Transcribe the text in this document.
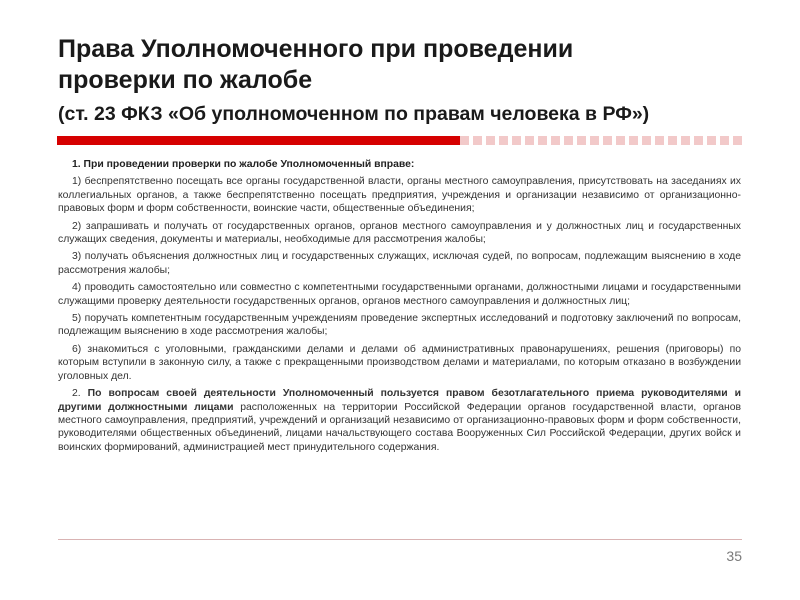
Права Уполномоченного при проведении
проверки по жалобе
(ст. 23 ФКЗ «Об уполномоченном по правам человека в РФ»)

1. При проведении проверки по жалобе Уполномоченный вправе:

1) беспрепятственно посещать все органы государственной власти, органы местного самоуправления, присутствовать на заседаниях их коллегиальных органов, а также беспрепятственно посещать предприятия, учреждения и организации независимо от организационно-правовых форм и форм собственности, воинские части, общественные объединения;

2) запрашивать и получать от государственных органов, органов местного самоуправления и у должностных лиц и государственных служащих сведения, документы и материалы, необходимые для рассмотрения жалобы;

3) получать объяснения должностных лиц и государственных служащих, исключая судей, по вопросам, подлежащим выяснению в ходе рассмотрения жалобы;

4) проводить самостоятельно или совместно с компетентными государственными органами, должностными лицами и государственными служащими проверку деятельности государственных органов, органов местного самоуправления и должностных лиц;

5) поручать компетентным государственным учреждениям проведение экспертных исследований и подготовку заключений по вопросам, подлежащим выяснению в ходе рассмотрения жалобы;

6) знакомиться с уголовными, гражданскими делами и делами об административных правонарушениях, решения (приговоры) по которым вступили в законную силу, а также с прекращенными производством делами и материалами, по которым отказано в возбуждении уголовных дел.

2. По вопросам своей деятельности Уполномоченный пользуется правом безотлагательного приема руководителями и другими должностными лицами расположенных на территории Российской Федерации органов государственной власти, органов местного самоуправления, предприятий, учреждений и организаций независимо от организационно-правовых форм и форм собственности, руководителями общественных объединений, лицами начальствующего состава Вооруженных Сил Российской Федерации, других войск и воинских формирований, администрацией мест принудительного содержания.

35
